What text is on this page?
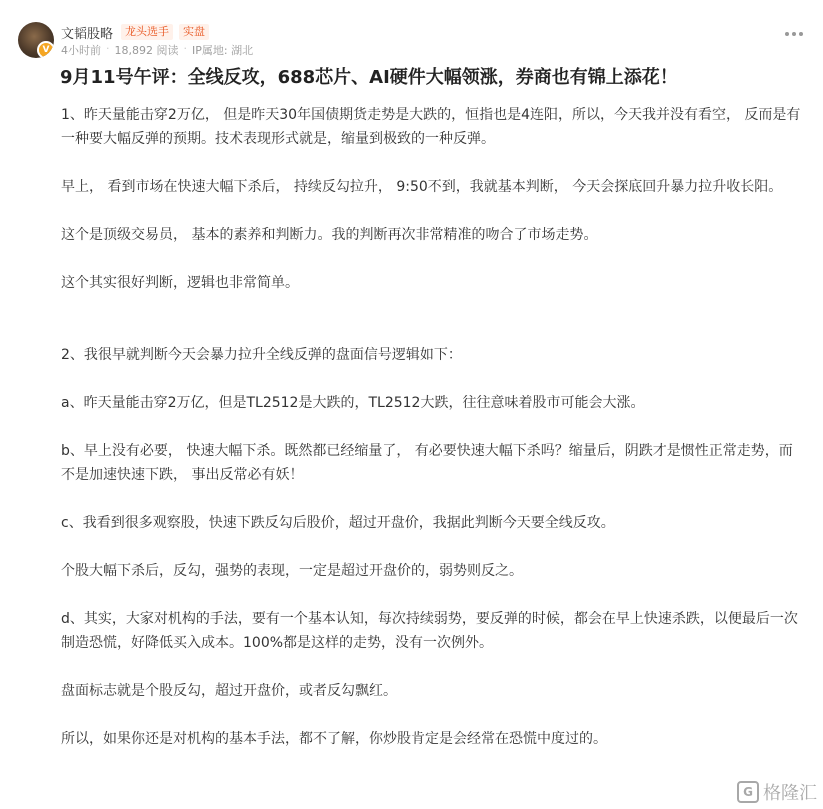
V
文韬股略	龙头选手	实盘
4小时前 · 18,892 阅读 · IP属地: 湖北
9月11号午评：全线反攻，688芯片、AI硬件大幅领涨，券商也有锦上添花！

1、昨天量能击穿2万亿， 但是昨天30年国债期货走势是大跌的，恒指也是4连阳，所以，今天我并没有看空， 反而是有一种要大幅反弹的预期。技术表现形式就是，缩量到极致的一种反弹。

早上， 看到市场在快速大幅下杀后， 持续反勾拉升， 9:50不到，我就基本判断， 今天会探底回升暴力拉升收长阳。

这个是顶级交易员， 基本的素养和判断力。我的判断再次非常精准的吻合了市场走势。

这个其实很好判断，逻辑也非常简单。

2、我很早就判断今天会暴力拉升全线反弹的盘面信号逻辑如下：

a、昨天量能击穿2万亿，但是TL2512是大跌的，TL2512大跌，往往意味着股市可能会大涨。

b、早上没有必要， 快速大幅下杀。既然都已经缩量了， 有必要快速大幅下杀吗？缩量后，阴跌才是惯性正常走势，而不是加速快速下跌， 事出反常必有妖！

c、我看到很多观察股，快速下跌反勾后股价，超过开盘价，我据此判断今天要全线反攻。

个股大幅下杀后，反勾，强势的表现，一定是超过开盘价的，弱势则反之。

d、其实，大家对机构的手法，要有一个基本认知，每次持续弱势，要反弹的时候，都会在早上快速杀跌，以便最后一次制造恐慌，好降低买入成本。100%都是这样的走势，没有一次例外。

盘面标志就是个股反勾，超过开盘价，或者反勾飘红。

所以，如果你还是对机构的基本手法，都不了解，你炒股肯定是会经常在恐慌中度过的。

G 格隆汇
